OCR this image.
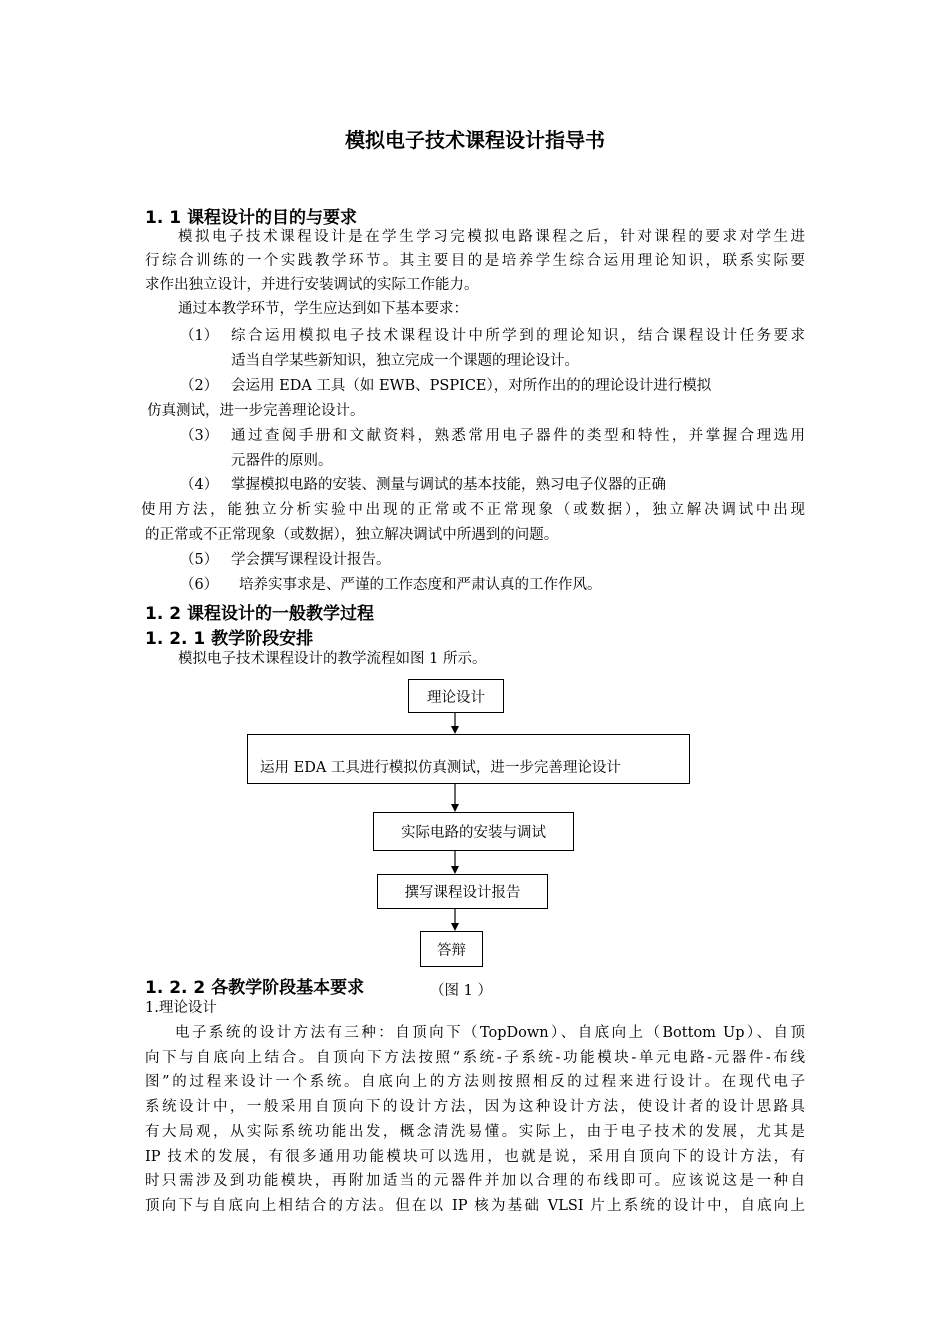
模拟电子技术课程设计指导书
1. 1 课程设计的目的与要求
模拟电子技术课程设计是在学生学习完模拟电路课程之后，针对课程的要求对学生进
行综合训练的一个实践教学环节。其主要目的是培养学生综合运用理论知识，联系实际要
求作出独立设计，并进行安装调试的实际工作能力。
通过本教学环节，学生应达到如下基本要求：
（1） 综合运用模拟电子技术课程设计中所学到的理论知识，结合课程设计任务要求
适当自学某些新知识，独立完成一个课题的理论设计。
（2） 会运用 EDA 工具（如 EWB、PSPICE），对所作出的的理论设计进行模拟
仿真测试，进一步完善理论设计。
（3） 通过查阅手册和文献资料，熟悉常用电子器件的类型和特性，并掌握合理选用
元器件的原则。
（4） 掌握模拟电路的安装、测量与调试的基本技能，熟习电子仪器的正确
使用方法，能独立分析实验中出现的正常或不正常现象（或数据），独立解决调试中出现
的正常或不正常现象（或数据），独立解决调试中所遇到的问题。
（5） 学会撰写课程设计报告。
（6） 培养实事求是、严谨的工作态度和严肃认真的工作作风。
1. 2 课程设计的一般教学过程
1. 2. 1 教学阶段安排
模拟电子技术课程设计的教学流程如图 1 所示。
理论设计
运用 EDA 工具进行模拟仿真测试，进一步完善理论设计
实际电路的安装与调试
撰写课程设计报告
答辩
1. 2. 2 各教学阶段基本要求	（图 1 ）
1.理论设计
电子系统的设计方法有三种：自顶向下（TopDown）、自底向上（Bottom Up）、自顶
向下与自底向上结合。自顶向下方法按照“系统-子系统-功能模块-单元电路-元器件-布线
图”的过程来设计一个系统。自底向上的方法则按照相反的过程来进行设计。在现代电子
系统设计中，一般采用自顶向下的设计方法，因为这种设计方法，使设计者的设计思路具
有大局观，从实际系统功能出发，概念清洗易懂。实际上，由于电子技术的发展，尤其是
IP 技术的发展，有很多通用功能模块可以选用，也就是说，采用自顶向下的设计方法，有
时只需涉及到功能模块，再附加适当的元器件并加以合理的布线即可。应该说这是一种自
顶向下与自底向上相结合的方法。但在以 IP 核为基础 VLSI 片上系统的设计中，自底向上
